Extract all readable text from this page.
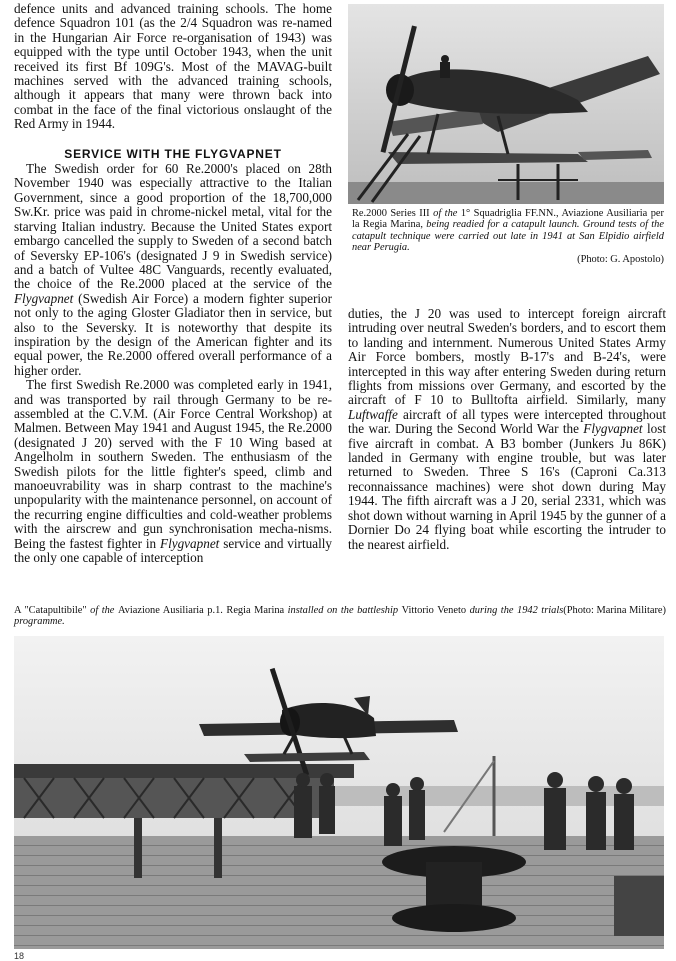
defence units and advanced training schools. The home defence Squadron 101 (as the 2/4 Squadron was re-named in the Hungarian Air Force re-organisation of 1943) was equipped with the type until October 1943, when the unit received its first Bf 109G's. Most of the MAVAG-built machines served with the advanced training schools, although it appears that many were thrown back into combat in the face of the final victorious onslaught of the Red Army in 1944.

SERVICE WITH THE FLYGVAPNET

The Swedish order for 60 Re.2000's placed on 28th November 1940 was especially attractive to the Italian Government, since a good proportion of the 18,700,000 Sw.Kr. price was paid in chrome-nickel metal, vital for the starving Italian industry. Because the United States export embargo cancelled the supply to Sweden of a second batch of Seversky EP-106's (designated J 9 in Swedish service) and a batch of Vultee 48C Vanguards, recently evaluated, the choice of the Re.2000 placed at the service of the Flygvapnet (Swedish Air Force) a modern fighter superior not only to the aging Gloster Gladiator then in service, but also to the Seversky. It is noteworthy that despite its inspiration by the design of the American fighter and its equal power, the Re.2000 offered overall performance of a higher order.

The first Swedish Re.2000 was completed early in 1941, and was transported by rail through Germany to be re-assembled at the C.V.M. (Air Force Central Workshop) at Malmen. Between May 1941 and August 1945, the Re.2000 (designated J 20) served with the F 10 Wing based at Angelholm in southern Sweden. The enthusiasm of the Swedish pilots for the little fighter's speed, climb and manoeuvrability was in sharp contrast to the machine's unpopularity with the maintenance personnel, on account of the recurring engine difficulties and cold-weather problems with the airscrew and gun synchronisation mecha-nisms. Being the fastest fighter in Flygvapnet service and virtually the only one capable of interception

Re.2000 Series III of the 1° Squadriglia FF.NN., Aviazione Ausiliaria per la Regia Marina, being readied for a catapult launch. Ground tests of the catapult technique were carried out late in 1941 at San Elpidio airfield near Perugia.
(Photo: G. Apostolo)

duties, the J 20 was used to intercept foreign aircraft intruding over neutral Sweden's borders, and to escort them to landing and internment. Numerous United States Army Air Force bombers, mostly B-17's and B-24's, were intercepted in this way after entering Sweden during return flights from missions over Germany, and escorted by the aircraft of F 10 to Bulltofta airfield. Similarly, many Luftwaffe aircraft of all types were intercepted throughout the war. During the Second World War the Flygvapnet lost five aircraft in combat. A B3 bomber (Junkers Ju 86K) landed in Germany with engine trouble, but was later returned to Sweden. Three S 16's (Caproni Ca.313 reconnaissance machines) were shot down during May 1944. The fifth aircraft was a J 20, serial 2331, which was shot down without warning in April 1945 by the gunner of a Dornier Do 24 flying boat while escorting the intruder to the nearest airfield.

(Photo: Marina Militare)
A "Catapultibile" of the Aviazione Ausiliaria p.1. Regia Marina installed on the battleship Vittorio Veneto during the 1942 trials programme.
18
